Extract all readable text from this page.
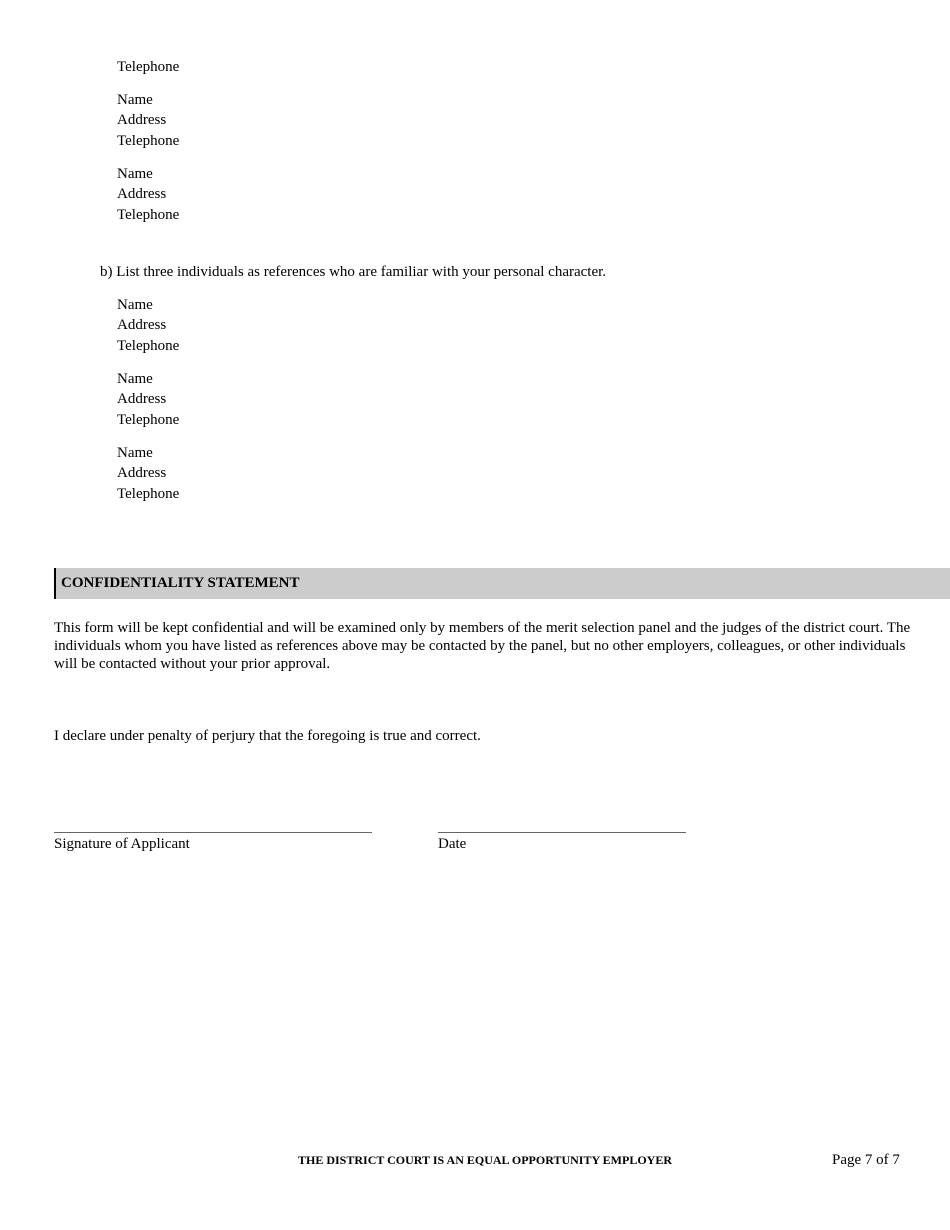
Telephone
Name
Address
Telephone
Name
Address
Telephone
b) List three individuals as references who are familiar with your personal character.
Name
Address
Telephone
Name
Address
Telephone
Name
Address
Telephone
CONFIDENTIALITY STATEMENT
This form will be kept confidential and will be examined only by members of the merit selection panel and the judges of the district court. The individuals whom you have listed as references above may be contacted by the panel, but no other employers, colleagues, or other individuals will be contacted without your prior approval.
I declare under penalty of perjury that the foregoing is true and correct.
Signature of Applicant	Date
THE DISTRICT COURT IS AN EQUAL OPPORTUNITY EMPLOYER	Page 7 of 7
